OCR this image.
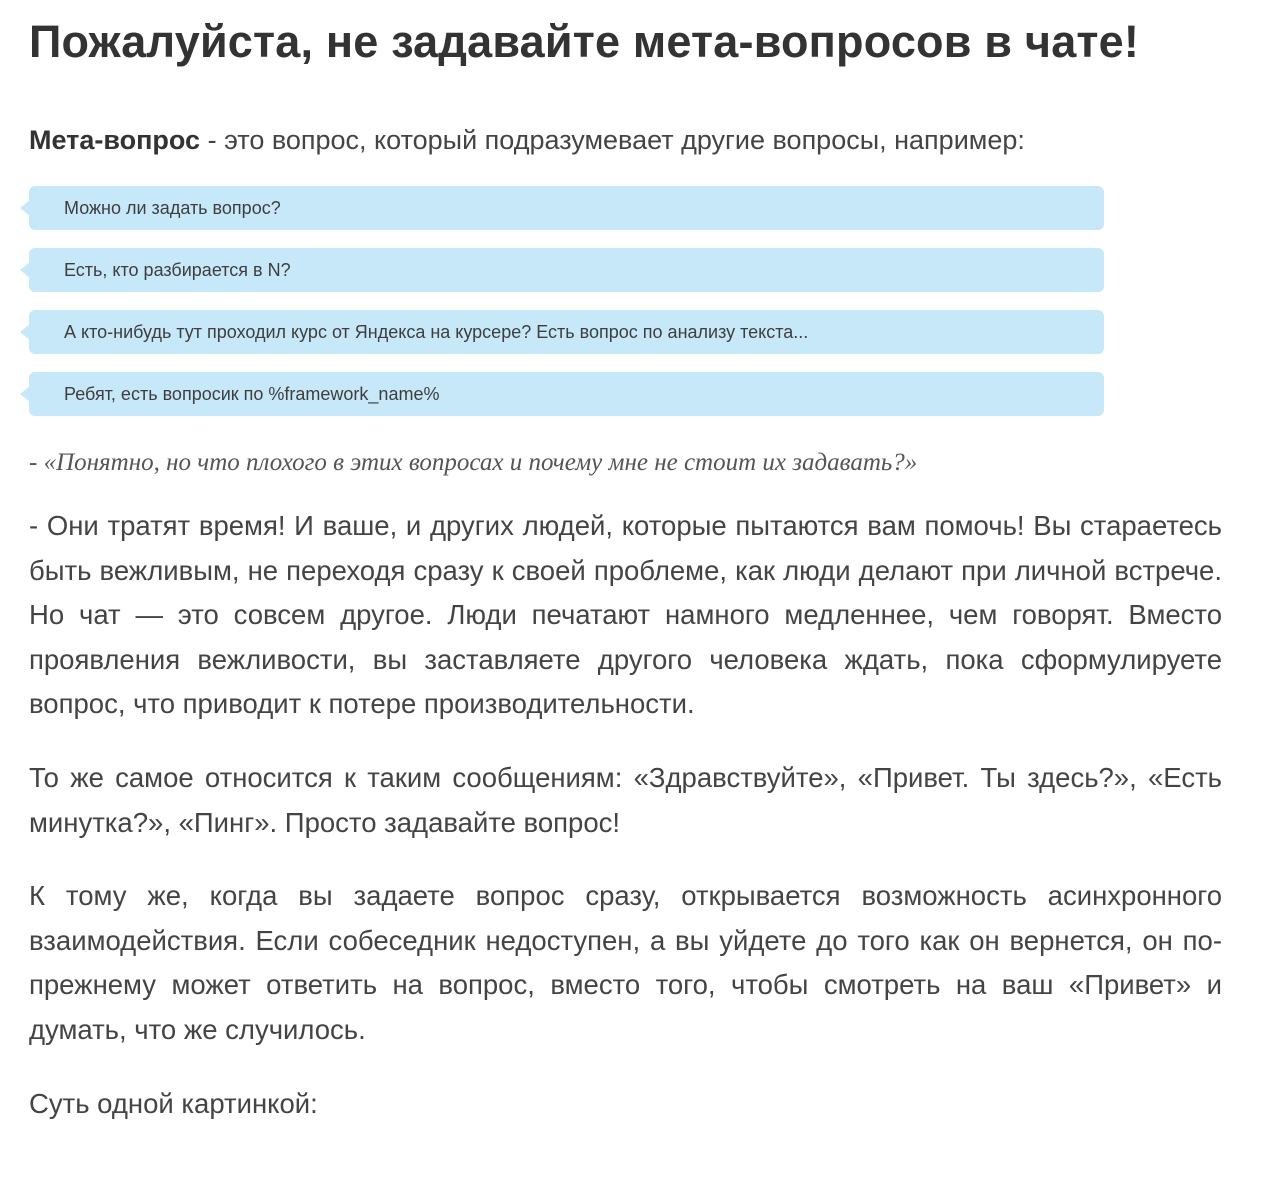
Пожалуйста, не задавайте мета-вопросов в чате!

Мета-вопрос - это вопрос, который подразумевает другие вопросы, например:

Можно ли задать вопрос?
Есть, кто разбирается в N?
А кто-нибудь тут проходил курс от Яндекса на курсере? Есть вопрос по анализу текста...
Ребят, есть вопросик по %framework_name%

- «Понятно, но что плохого в этих вопросах и почему мне не стоит их задавать?»

- Они тратят время! И ваше, и других людей, которые пытаются вам помочь! Вы стараетесь быть вежливым, не переходя сразу к своей проблеме, как люди делают при личной встрече. Но чат — это совсем другое. Люди печатают намного медленнее, чем говорят. Вместо проявления вежливости, вы заставляете другого человека ждать, пока сформулируете вопрос, что приводит к потере производительности.

То же самое относится к таким сообщениям: «Здравствуйте», «Привет. Ты здесь?», «Есть минутка?», «Пинг». Просто задавайте вопрос!

К тому же, когда вы задаете вопрос сразу, открывается возможность асинхронного взаимодействия. Если собеседник недоступен, а вы уйдете до того как он вернется, он по-прежнему может ответить на вопрос, вместо того, чтобы смотреть на ваш «Привет» и думать, что же случилось.

Суть одной картинкой:
